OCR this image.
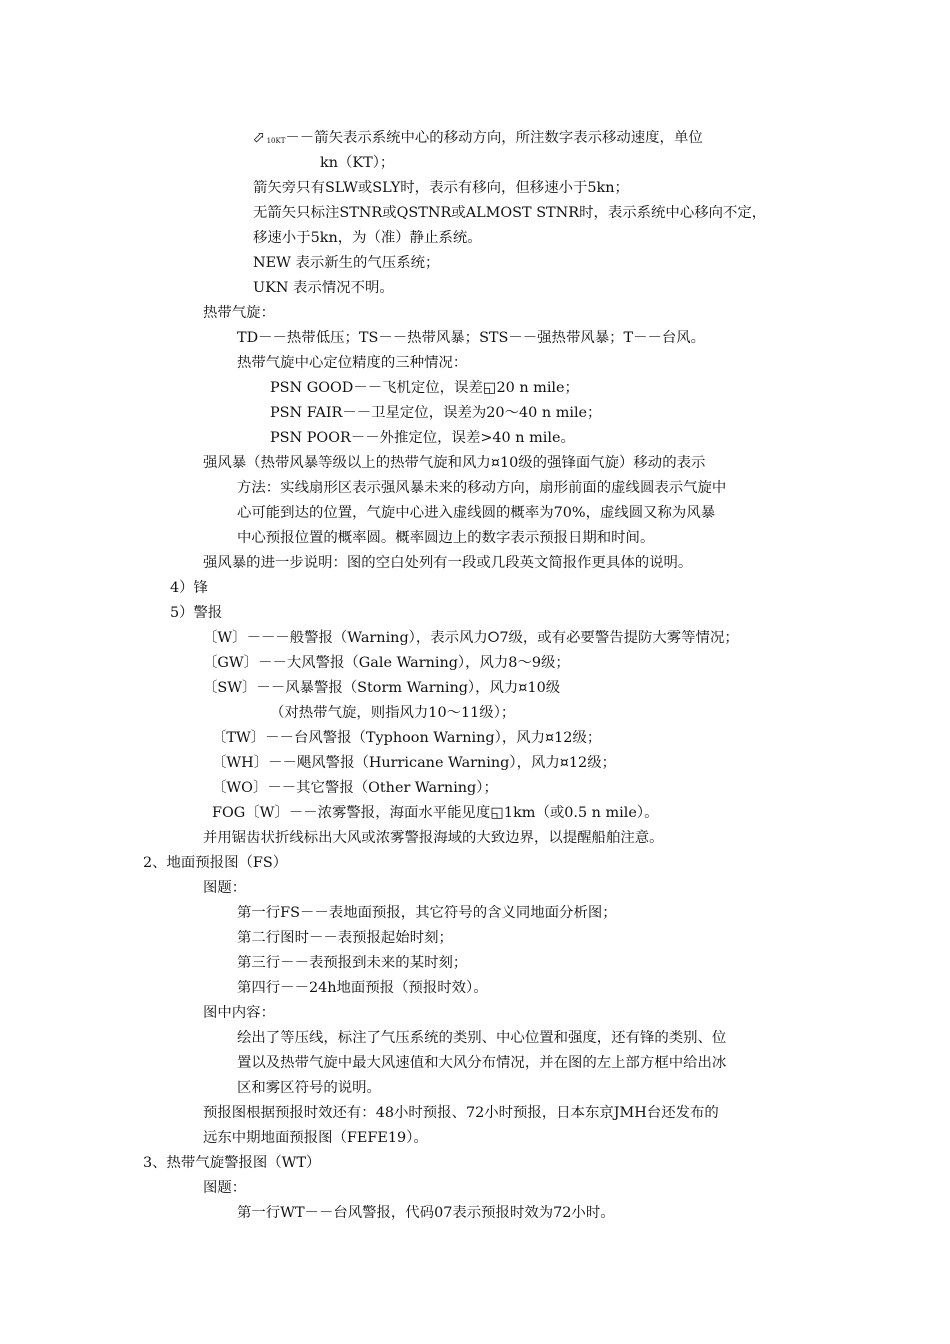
⇨10KT－－箭矢表示系统中心的移动方向，所注数字表示移动速度，单位
kn（KT）；
箭矢旁只有SLW或SLY时，表示有移向，但移速小于5kn；
无箭矢只标注STNR或QSTNR或ALMOST STNR时，表示系统中心移向不定，
移速小于5kn，为（准）静止系统。
NEW 表示新生的气压系统；
UKN 表示情况不明。
热带气旋：
TD－－热带低压；TS－－热带风暴；STS－－强热带风暴；T－－台风。
热带气旋中心定位精度的三种情况：
PSN GOOD－－飞机定位，误差◱20 n mile；
PSN FAIR－－卫星定位，误差为20～40 n mile；
PSN POOR－－外推定位，误差>40 n mile。
强风暴（热带风暴等级以上的热带气旋和风力¤10级的强锋面气旋）移动的表示
方法：实线扇形区表示强风暴未来的移动方向，扇形前面的虚线圆表示气旋中
心可能到达的位置，气旋中心进入虚线圆的概率为70%，虚线圆又称为风暴
中心预报位置的概率圆。概率圆边上的数字表示预报日期和时间。
强风暴的进一步说明：图的空白处列有一段或几段英文简报作更具体的说明。
4）锋
5）警报
〔W〕－－－般警报（Warning），表示风力⭘7级，或有必要警告提防大雾等情况；
〔GW〕－－大风警报（Gale Warning），风力8～9级；
〔SW〕－－风暴警报（Storm Warning），风力¤10级
（对热带气旋，则指风力10～11级）；
〔TW〕－－台风警报（Typhoon Warning），风力¤12级；
〔WH〕－－飓风警报（Hurricane Warning），风力¤12级；
〔WO〕－－其它警报（Other Warning）；
FOG〔W〕－－浓雾警报，海面水平能见度◱1km（或0.5 n mile）。
并用锯齿状折线标出大风或浓雾警报海域的大致边界，以提醒船舶注意。
2、地面预报图（FS）
图题：
第一行FS－－表地面预报，其它符号的含义同地面分析图；
第二行图时－－表预报起始时刻；
第三行－－表预报到未来的某时刻；
第四行－－24h地面预报（预报时效）。
图中内容：
绘出了等压线，标注了气压系统的类别、中心位置和强度，还有锋的类别、位
置以及热带气旋中最大风速值和大风分布情况，并在图的左上部方框中给出冰
区和雾区符号的说明。
预报图根据预报时效还有：48小时预报、72小时预报，日本东京JMH台还发布的
远东中期地面预报图（FEFE19）。
3、热带气旋警报图（WT）
图题：
第一行WT－－台风警报，代码07表示预报时效为72小时。
